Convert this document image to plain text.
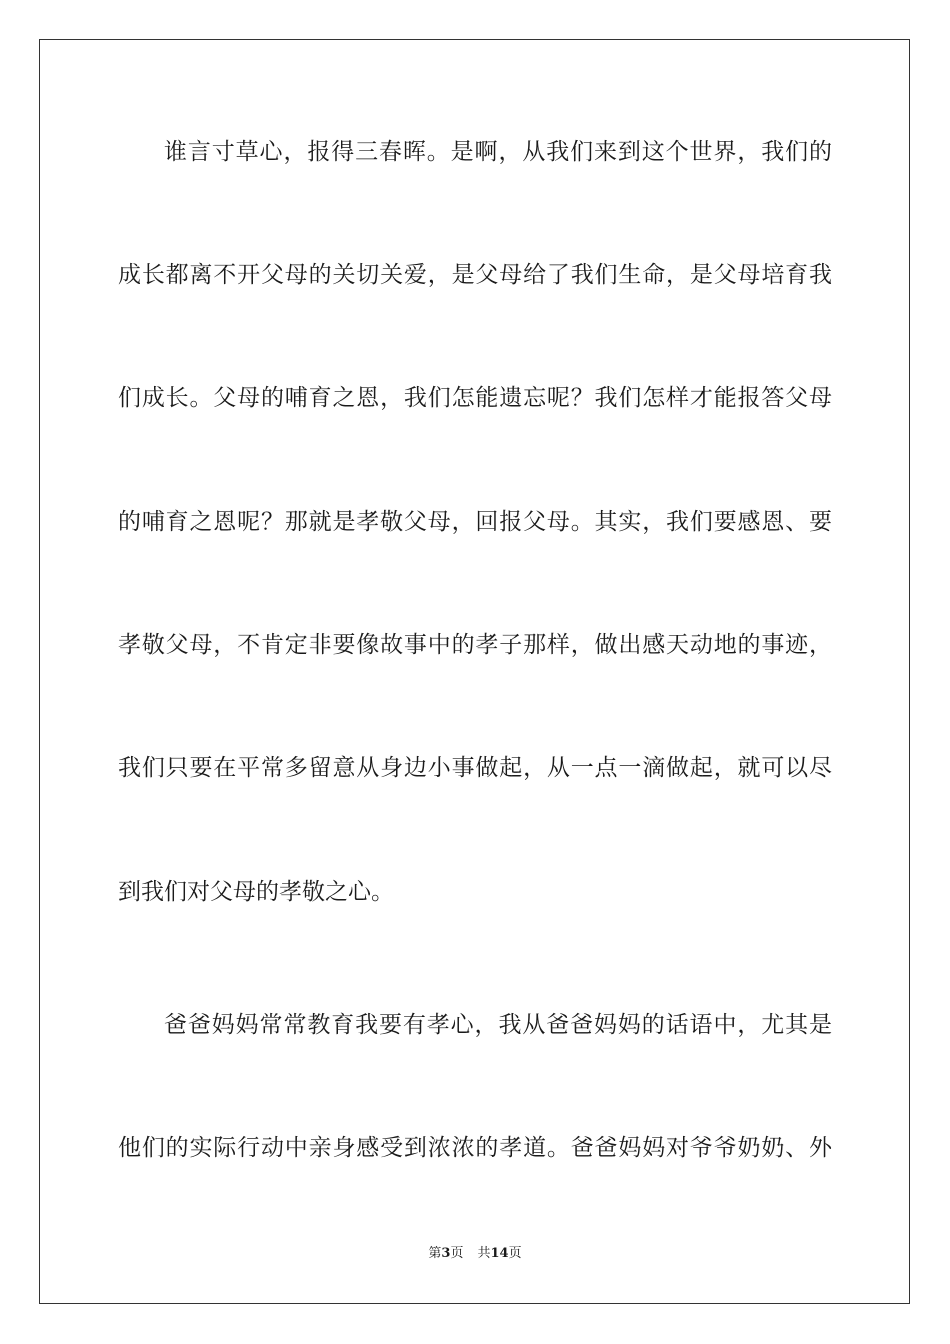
谁言寸草心，报得三春晖。是啊，从我们来到这个世界，我们的
成长都离不开父母的关切关爱，是父母给了我们生命，是父母培育我
们成长。父母的哺育之恩，我们怎能遗忘呢？我们怎样才能报答父母
的哺育之恩呢？那就是孝敬父母，回报父母。其实，我们要感恩、要
孝敬父母，不肯定非要像故事中的孝子那样，做出感天动地的事迹，
我们只要在平常多留意从身边小事做起，从一点一滴做起，就可以尽
到我们对父母的孝敬之心。
爸爸妈妈常常教育我要有孝心，我从爸爸妈妈的话语中，尤其是
他们的实际行动中亲身感受到浓浓的孝道。爸爸妈妈对爷爷奶奶、外
第3页 共14页
